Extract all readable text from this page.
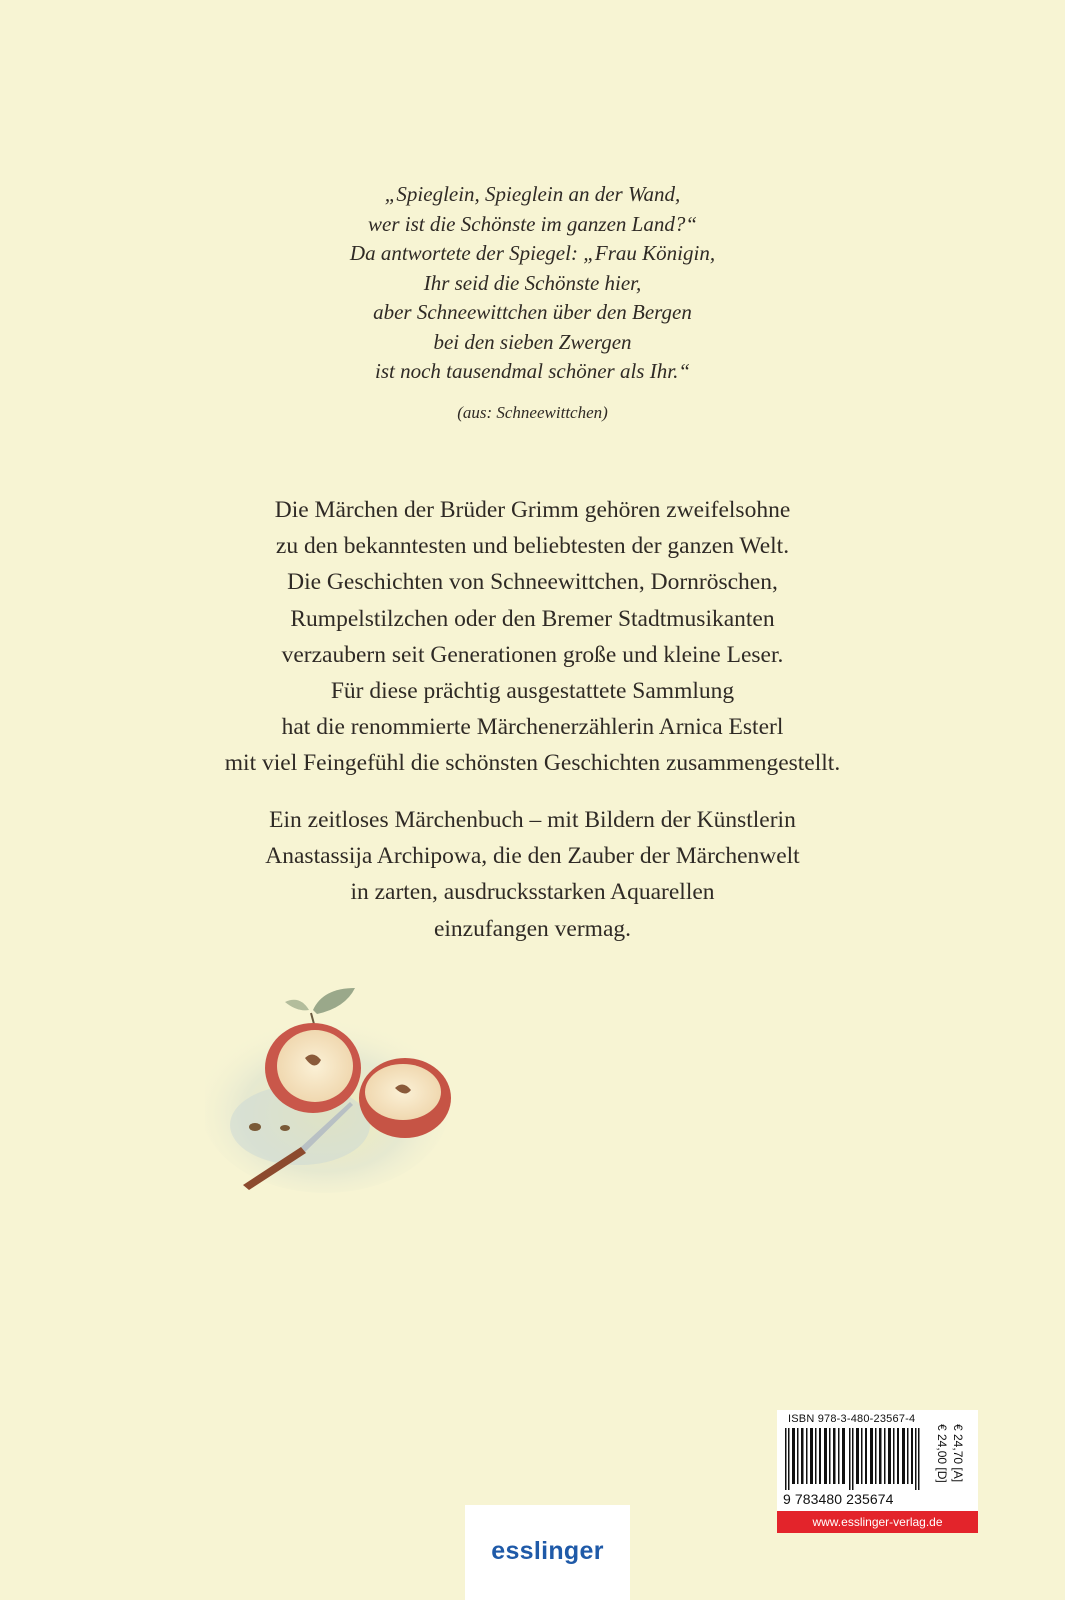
„Spieglein, Spieglein an der Wand,
wer ist die Schönste im ganzen Land?“
Da antwortete der Spiegel: „Frau Königin,
Ihr seid die Schönste hier,
aber Schneewittchen über den Bergen
bei den sieben Zwergen
ist noch tausendmal schöner als Ihr.“
(aus: Schneewittchen)
Die Märchen der Brüder Grimm gehören zweifelsohne
zu den bekanntesten und beliebtesten der ganzen Welt.
Die Geschichten von Schneewittchen, Dornröschen,
Rumpelstilzchen oder den Bremer Stadtmusikanten
verzaubern seit Generationen große und kleine Leser.
Für diese prächtig ausgestattete Sammlung
hat die renommierte Märchenerzählerin Arnica Esterl
mit viel Feingefühl die schönsten Geschichten zusammengestellt.
Ein zeitloses Märchenbuch – mit Bildern der Künstlerin
Anastassija Archipowa, die den Zauber der Märchenwelt
in zarten, ausdrucksstarken Aquarellen
einzufangen vermag.
ISBN 978-3-480-23567-4
9 783480 235674
€ 24,00 [D] € 24,70 [A]
www.esslinger-verlag.de
esslinger
